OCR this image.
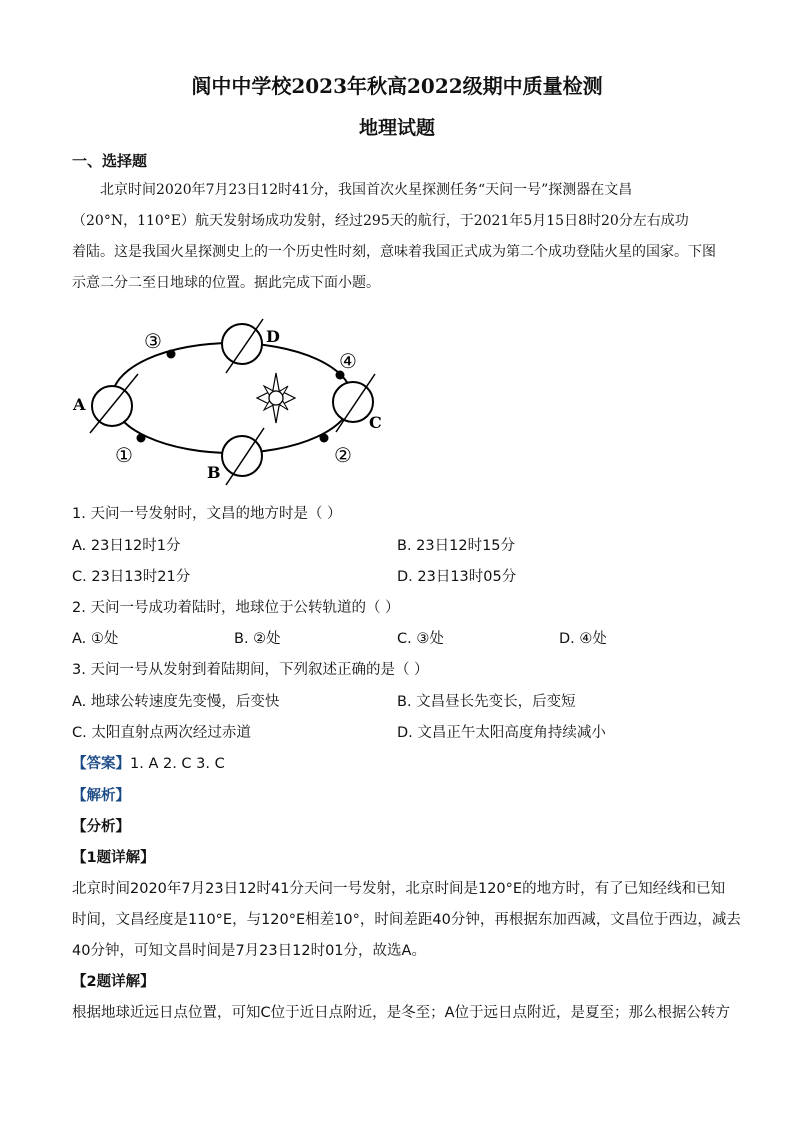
阆中中学校2023年秋高2022级期中质量检测
地理试题
一、选择题
北京时间2020年7月23日12时41分，我国首次火星探测任务“天问一号”探测器在文昌
（20°N，110°E）航天发射场成功发射，经过295天的航行，于2021年5月15日8时20分左右成功
着陆。这是我国火星探测史上的一个历史性时刻，意味着我国正式成为第二个成功登陆火星的国家。下图
示意二分二至日地球的位置。据此完成下面小题。
A
B
C
D
①	②
③
④
1. 天问一号发射时，文昌的地方时是（ ）
A. 23日12时1分	B. 23日12时15分
C. 23日13时21分	D. 23日13时05分
2. 天问一号成功着陆时，地球位于公转轨道的（ ）
A. ①处	B. ②处	C. ③处	D. ④处
3. 天问一号从发射到着陆期间，下列叙述正确的是（ ）
A. 地球公转速度先变慢，后变快	B. 文昌昼长先变长，后变短
C. 太阳直射点两次经过赤道	D. 文昌正午太阳高度角持续减小
【答案】1. A 2. C 3. C
【解析】
【分析】
【1题详解】
北京时间2020年7月23日12时41分天问一号发射，北京时间是120°E的地方时，有了已知经线和已知
时间，文昌经度是110°E，与120°E相差10°，时间差距40分钟，再根据东加西减，文昌位于西边，减去
40分钟，可知文昌时间是7月23日12时01分，故选A。
【2题详解】
根据地球近远日点位置，可知C位于近日点附近，是冬至；A位于远日点附近，是夏至；那么根据公转方
